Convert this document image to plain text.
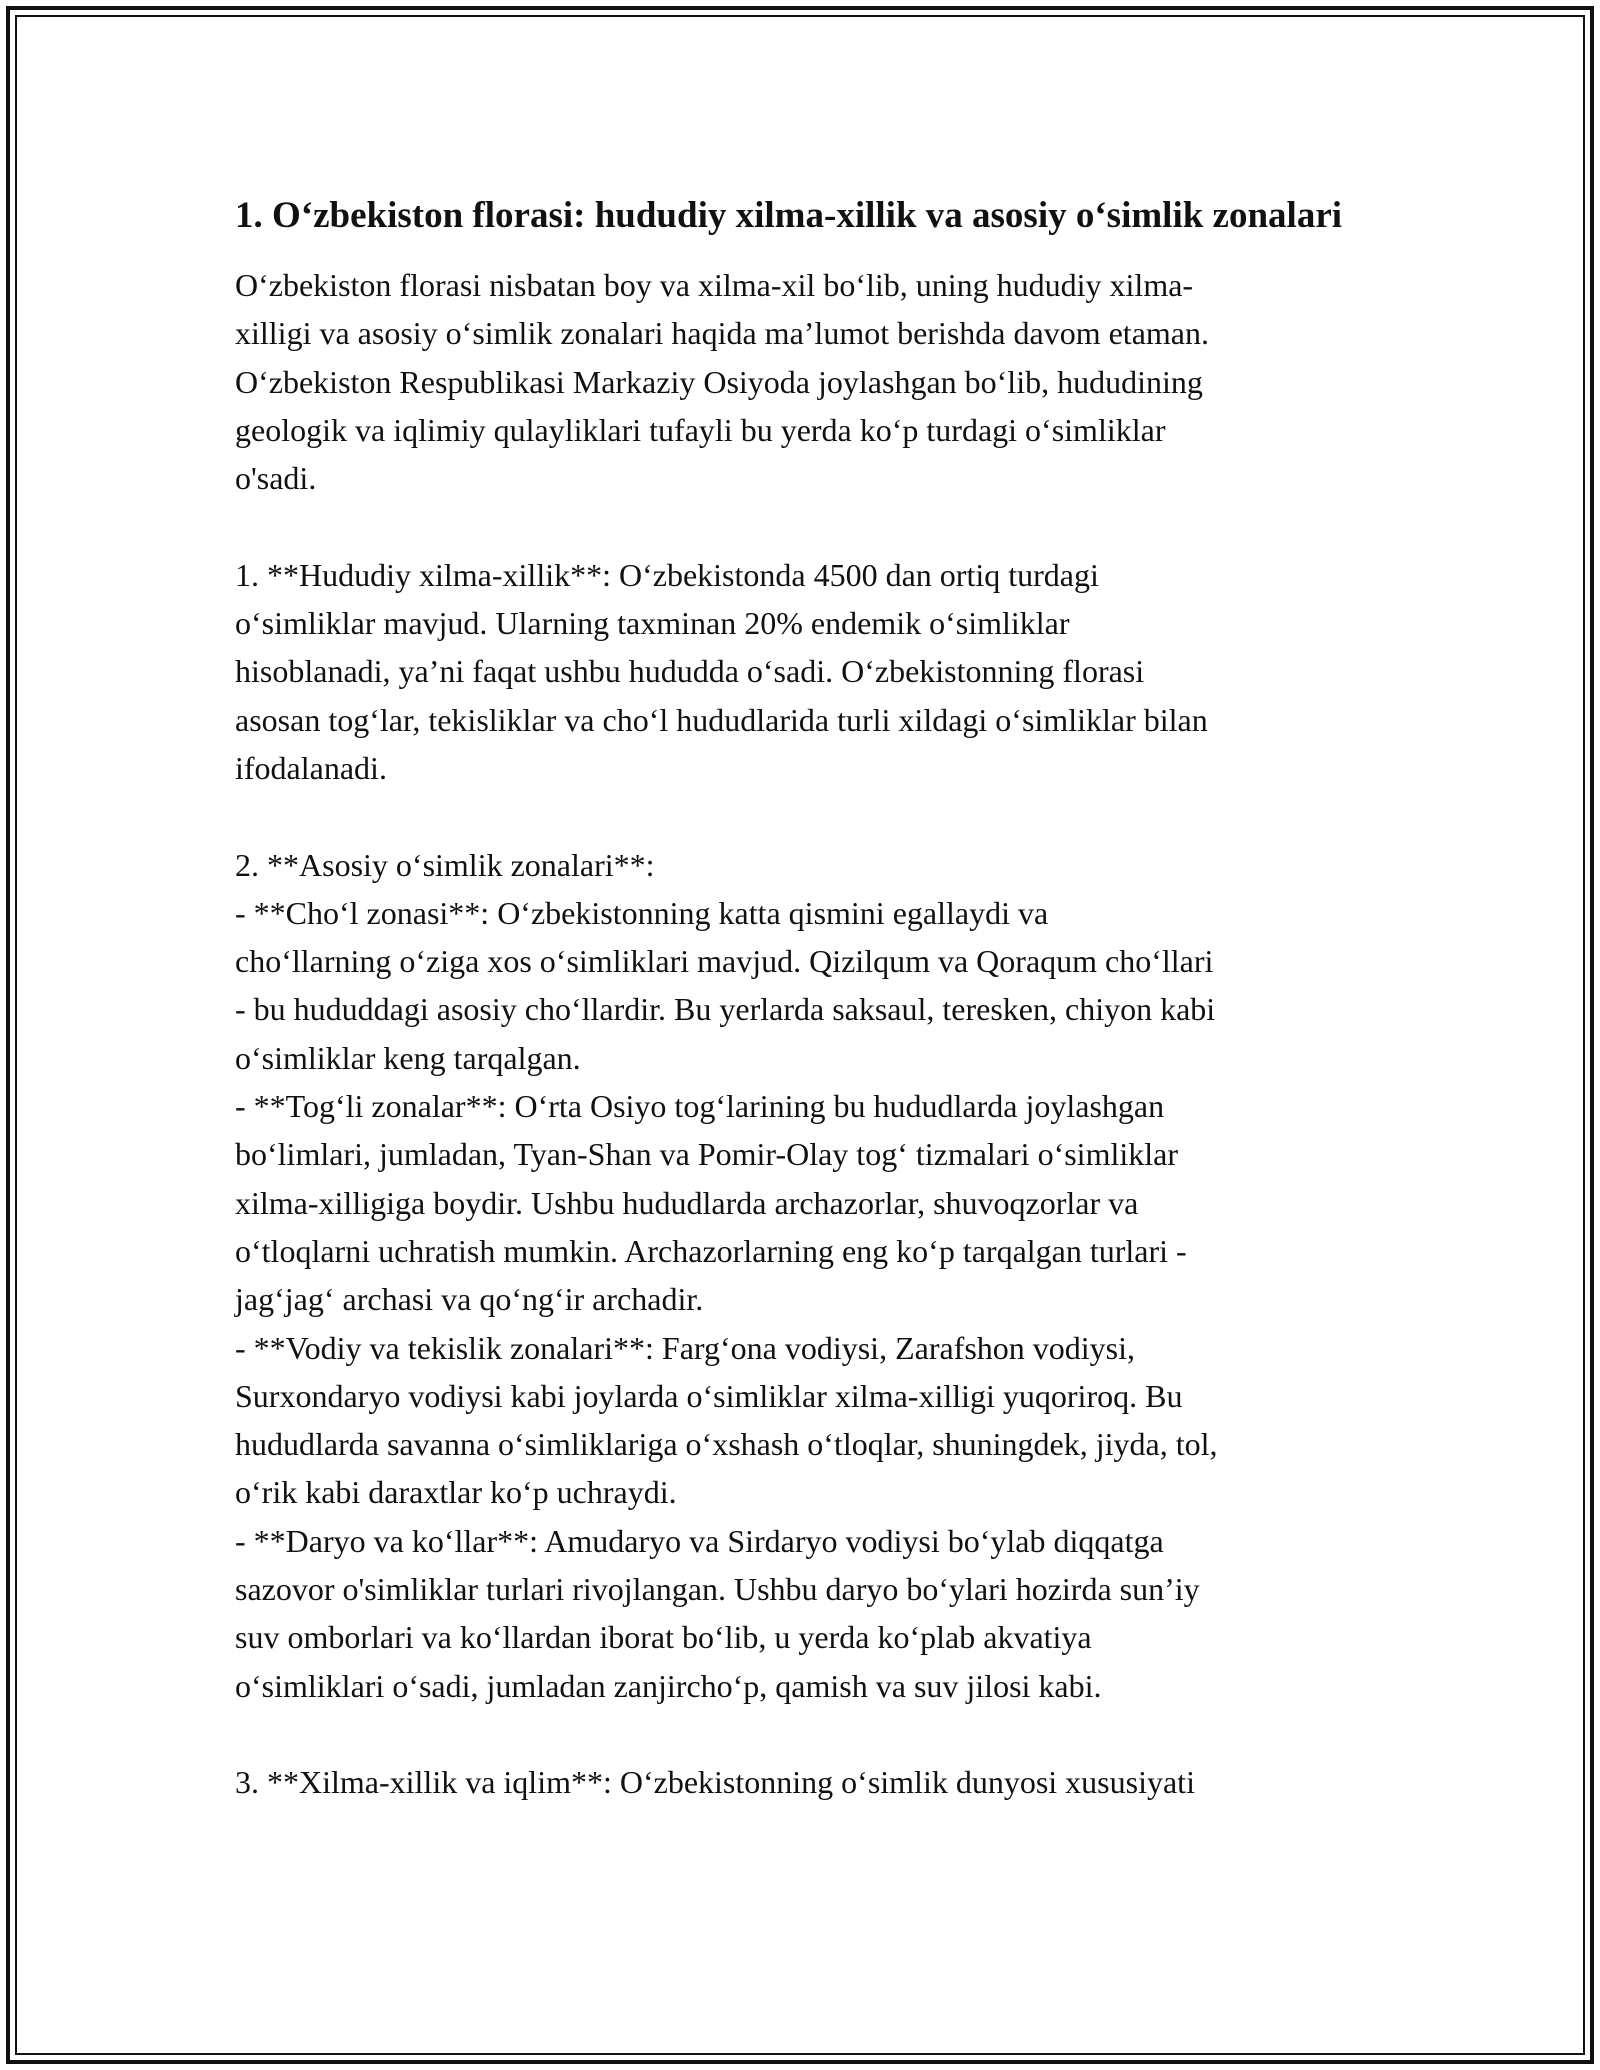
1. O‘zbekiston florasi: hududiy xilma-xillik va asosiy o‘simlik zonalari

O‘zbekiston florasi nisbatan boy va xilma-xil bo‘lib, uning hududiy xilma-
xilligi va asosiy o‘simlik zonalari haqida ma’lumot berishda davom etaman.
O‘zbekiston Respublikasi Markaziy Osiyoda joylashgan bo‘lib, hududining
geologik va iqlimiy qulayliklari tufayli bu yerda ko‘p turdagi o‘simliklar
o'sadi.

1. **Hududiy xilma-xillik**: O‘zbekistonda 4500 dan ortiq turdagi
o‘simliklar mavjud. Ularning taxminan 20% endemik o‘simliklar
hisoblanadi, ya’ni faqat ushbu hududda o‘sadi. O‘zbekistonning florasi
asosan tog‘lar, tekisliklar va cho‘l hududlarida turli xildagi o‘simliklar bilan
ifodalanadi.

2. **Asosiy o‘simlik zonalari**:

- **Cho‘l zonasi**: O‘zbekistonning katta qismini egallaydi va
cho‘llarning o‘ziga xos o‘simliklari mavjud. Qizilqum va Qoraqum cho‘llari
- bu hududdagi asosiy cho‘llardir. Bu yerlarda saksaul, teresken, chiyon kabi
o‘simliklar keng tarqalgan.

- **Tog‘li zonalar**: O‘rta Osiyo tog‘larining bu hududlarda joylashgan
bo‘limlari, jumladan, Tyan-Shan va Pomir-Olay tog‘ tizmalari o‘simliklar
xilma-xilligiga boydir. Ushbu hududlarda archazorlar, shuvoqzorlar va
o‘tloqlarni uchratish mumkin. Archazorlarning eng ko‘p tarqalgan turlari -
jag‘jag‘ archasi va qo‘ng‘ir archadir.

- **Vodiy va tekislik zonalari**: Farg‘ona vodiysi, Zarafshon vodiysi,
Surxondaryo vodiysi kabi joylarda o‘simliklar xilma-xilligi yuqoriroq. Bu
hududlarda savanna o‘simliklariga o‘xshash o‘tloqlar, shuningdek, jiyda, tol,
o‘rik kabi daraxtlar ko‘p uchraydi.

- **Daryo va ko‘llar**: Amudaryo va Sirdaryo vodiysi bo‘ylab diqqatga
sazovor o'simliklar turlari rivojlangan. Ushbu daryo bo‘ylari hozirda sun’iy
suv omborlari va ko‘llardan iborat bo‘lib, u yerda ko‘plab akvatiya
o‘simliklari o‘sadi, jumladan zanjircho‘p, qamish va suv jilosi kabi.

3. **Xilma-xillik va iqlim**: O‘zbekistonning o‘simlik dunyosi xususiyati
